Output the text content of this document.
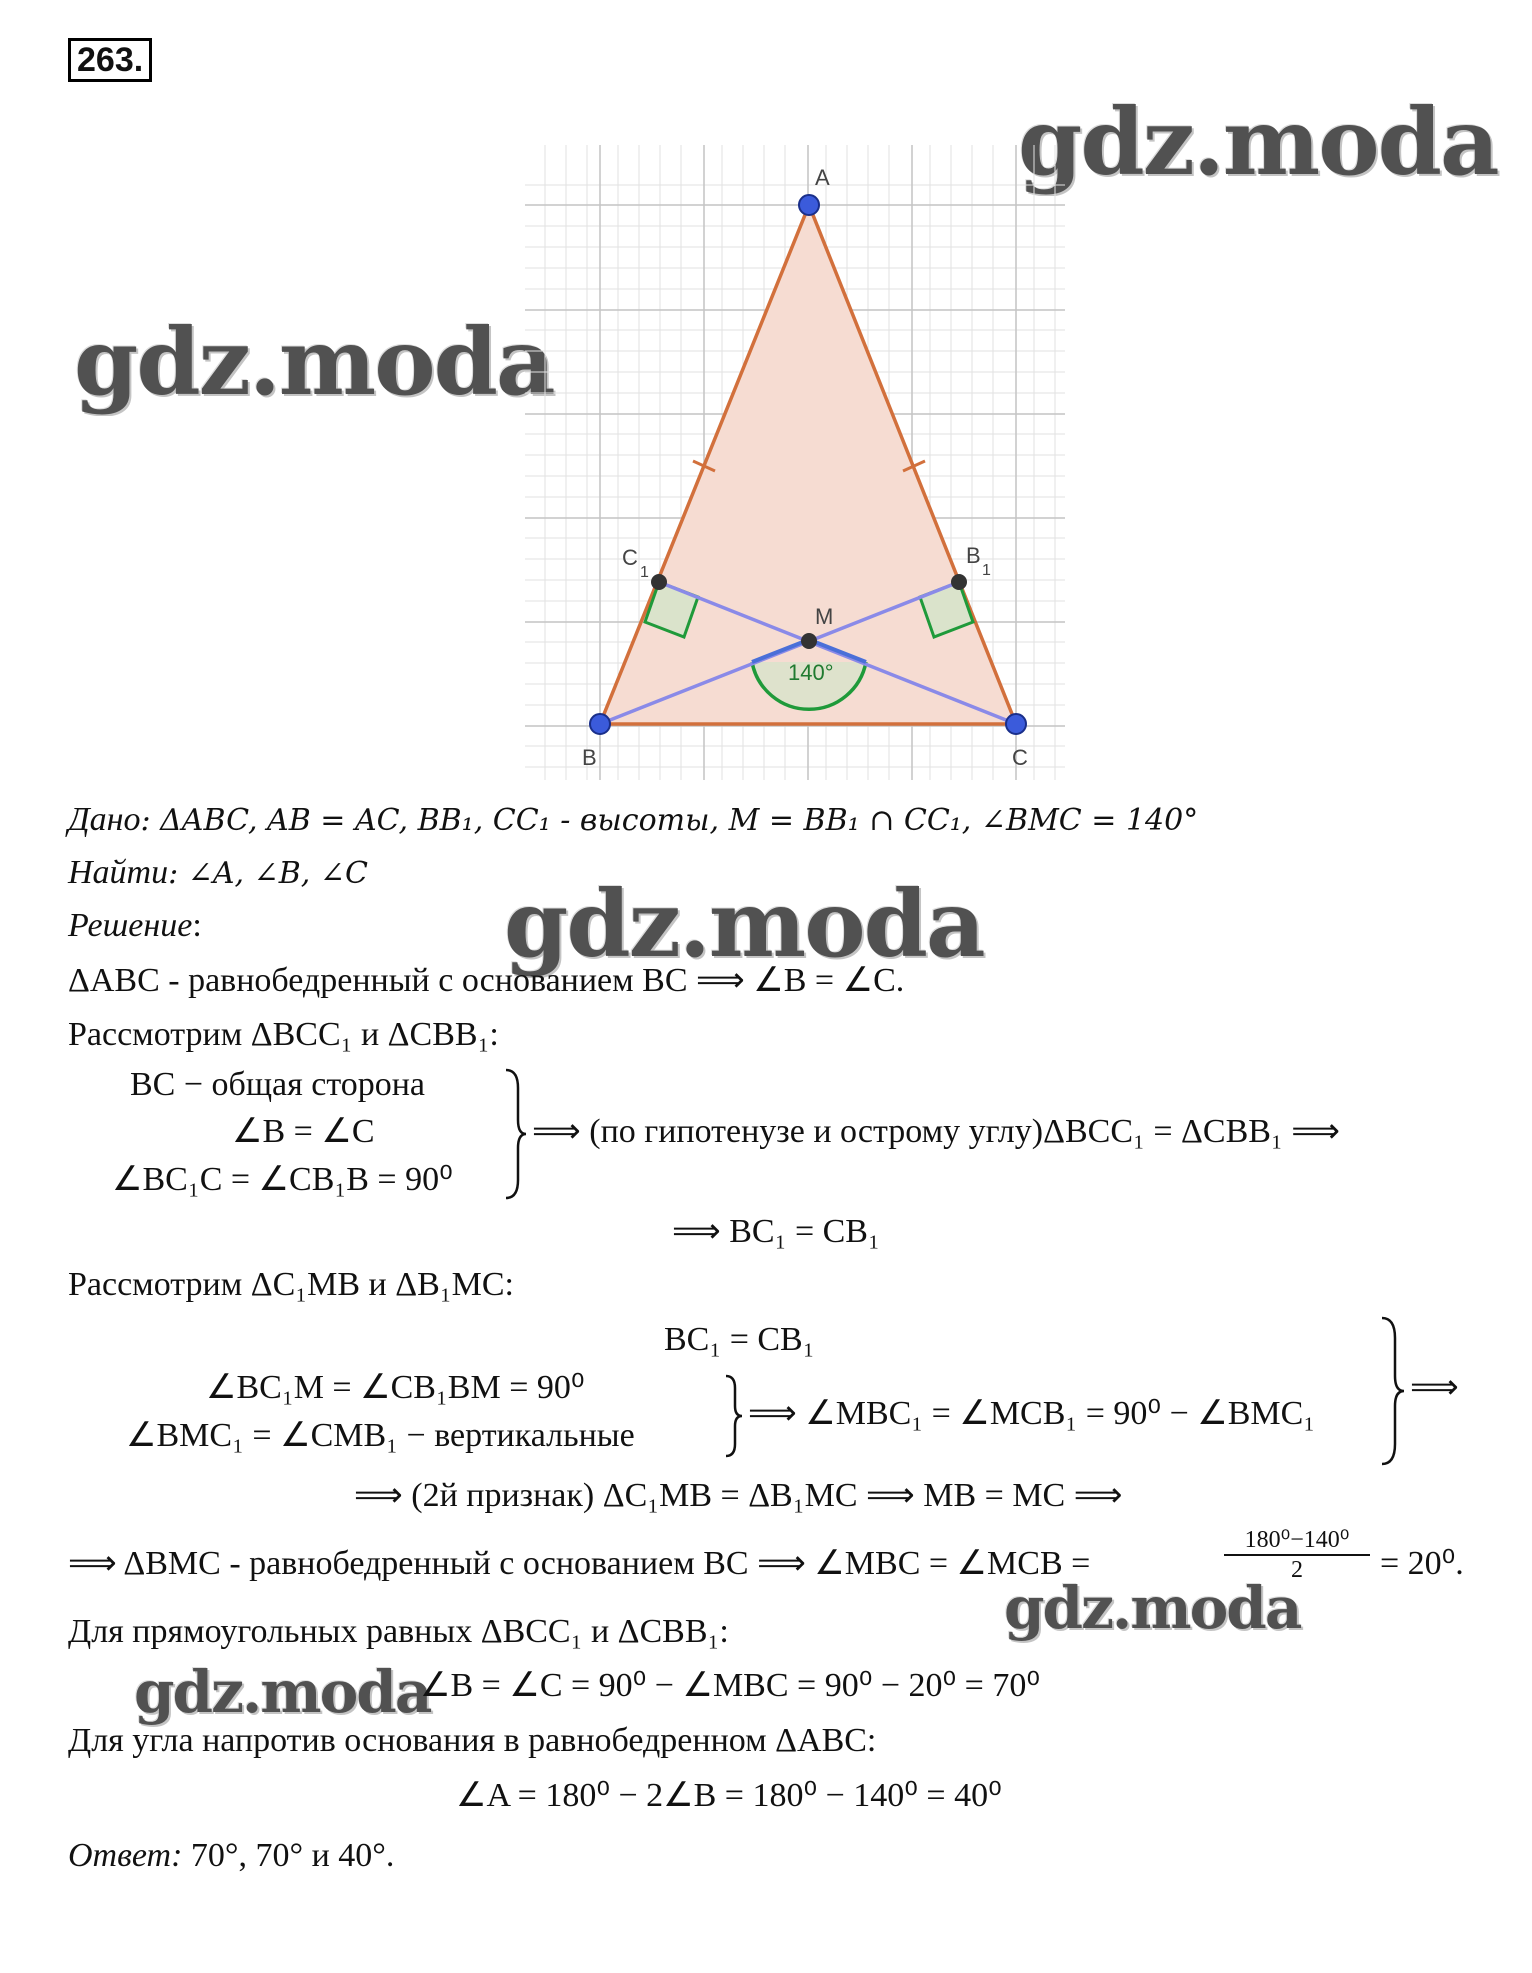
263.
gdz.moda
gdz.moda
gdz.moda
gdz.moda
gdz.moda
140°
A
B	C
C
1
B
1
M
Дано: ΔABC, AB = AC, BB₁, CC₁ - высоты, M = BB₁ ∩ CC₁, ∠BMC = 140°
Найти: ∠A, ∠B, ∠C
Решение:
ΔABC - равнобедренный с основанием BC ⟹ ∠B = ∠C.
Рассмотрим ΔBCC₁ и ΔCBB₁:
BC − общая сторона
∠B = ∠C
∠BC₁C = ∠CB₁B = 90⁰
⟹ (по гипотенузе и острому углу)ΔBCC₁ = ΔCBB₁ ⟹
⟹ BC₁ = CB₁
Рассмотрим ΔC₁MB и ΔB₁MC:
BC₁ = CB₁
∠BC₁M = ∠CB₁BM = 90⁰
∠BMC₁ = ∠CMB₁ − вертикальные
⟹ ∠MBC₁ = ∠MCB₁ = 90⁰ − ∠BMC₁
⟹
⟹ (2й признак) ΔC₁MB = ΔB₁MC ⟹ MB = MC ⟹
⟹ ΔBMC - равнобедренный с основанием BC ⟹ ∠MBC = ∠MCB =	$\frac{\text{180⁰−140⁰}}{2} = 20^0$.
Для прямоугольных равных ΔBCC₁ и ΔCBB₁:
∠B = ∠C = 90⁰ − ∠MBC = 90⁰ − 20⁰ = 70⁰
Для угла напротив основания в равнобедренном ΔABC:
∠A = 180⁰ − 2∠B = 180⁰ − 140⁰ = 40⁰
Ответ: 70°, 70° и 40°.
